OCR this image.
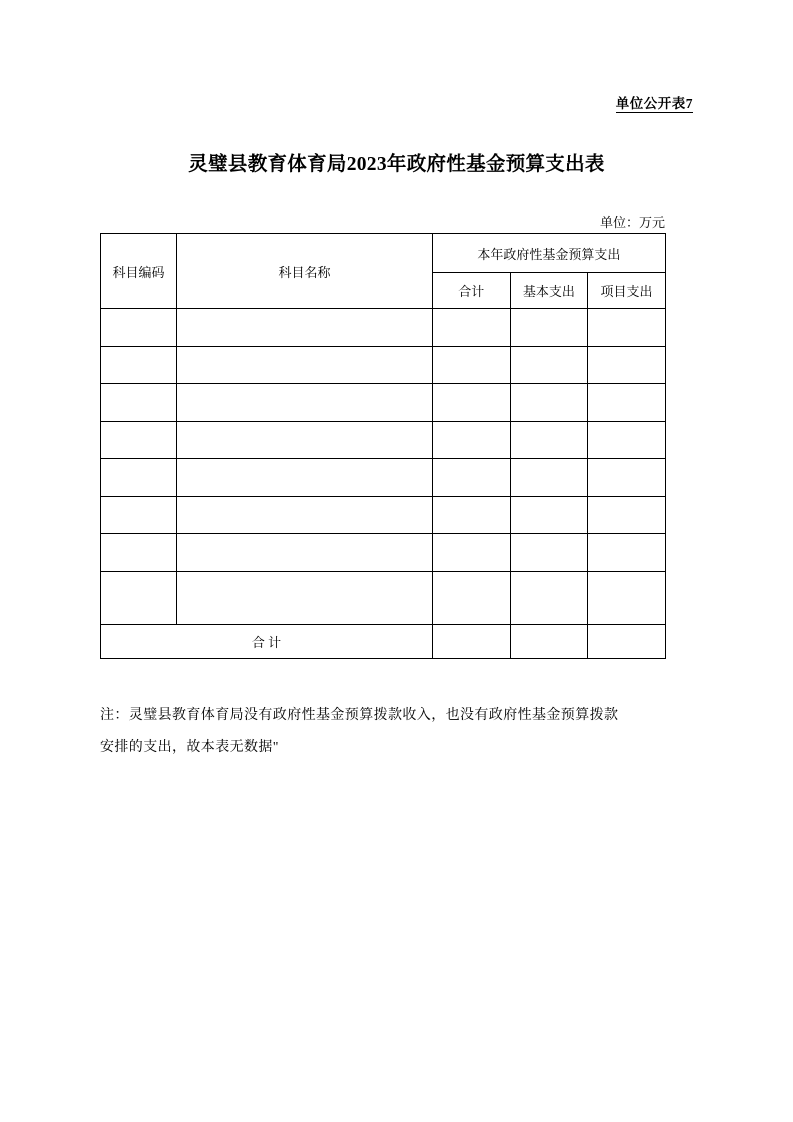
单位公开表7
灵璧县教育体育局2023年政府性基金预算支出表
单位：万元
科目编码	科目名称	本年政府性基金预算支出		
		合计	基本支出	项目支出

合 计				
注：灵璧县教育体育局没有政府性基金预算拨款收入，也没有政府性基金预算拨款
安排的支出，故本表无数据"
